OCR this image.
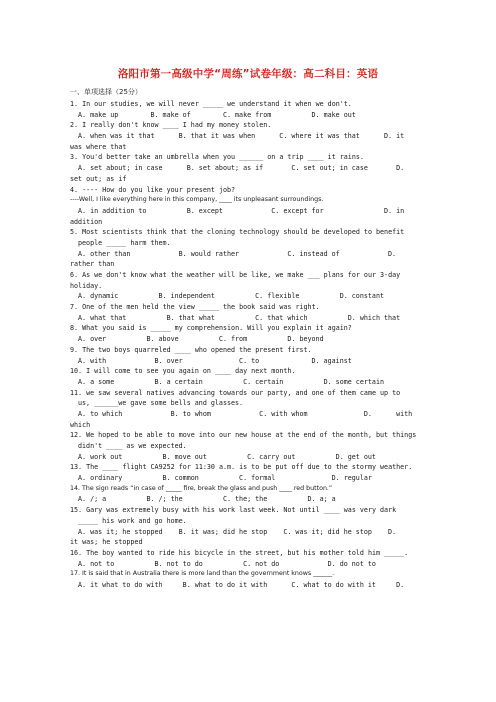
洛阳市第一高级中学“周练”试卷年级：高二科目：英语
一、单项选择（25分）
1. In our studies, we will never _____ we understand it when we don't.
A. make up        B. make of        C. make from          D. make out
2. I really don't know ____ I had my money stolen.
A. when was it that      B. that it was when      C. where it was that      D. it
was where that
3. You'd better take an umbrella when you ______ on a trip ____ it rains.
A. set about; in case      B. set about; as if       C. set out; in case       D.
set out; as if
4. ---- How do you like your present job?
----Well, I like everything here in this company, ____ its unpleasant surroundings.
A. in addition to          B. except            C. except for               D. in
addition
5. Most scientists think that the cloning technology should be developed to benefit
people _____ harm them.
A. other than            B. would rather            C. instead of            D.
rather than
6. As we don't know what the weather will be like, we make ___ plans for our 3-day
holiday.
A. dynamic          B. independent          C. flexible          D. constant
7. One of the men held the view _____ the book said was right.
A. what that          B. that what          C. that which          D. which that
8. What you said is _____ my comprehension. Will you explain it again?
A. over          B. above          C. from          D. beyond
9. The two boys quarreled ____ who opened the present first.
A. with            B. over              C. to             D. against
10. I will come to see you again on ____ day next month.
A. a some          B. a certain          C. certain          D. some certain
11. we saw several natives advancing towards our party, and one of them came up to
us, ______we gave some bells and glasses.
A. to which            B. to whom            C. with whom              D.      with
which
12. We hoped to be able to move into our new house at the end of the month, but things
didn't ____ as we expected.
A. work out          B. move out          C. carry out          D. get out
13. The ____ flight CA9252 for 11:30 a.m. is to be put off due to the stormy weather.
A. ordinary          B. common          C. formal              D. regular
14. The sign reads “in case of _____ fire, break the glass and push ____ red button.”
A. /; a          B. /; the          C. the; the          D. a; a
15. Gary was extremely busy with his work last week. Not until ____ was very dark
_____ his work and go home.
A. was it; he stopped    B. it was; did he stop    C. was it; did he stop    D.
it was; he stopped
16. The boy wanted to ride his bicycle in the street, but his mother told him _____.
A. not to          B. not to do          C. not do            D. do not to
17. It is said that in Australia there is more land than the government knows ______.
A. it what to do with     B. what to do it with      C. what to do with it     D.
